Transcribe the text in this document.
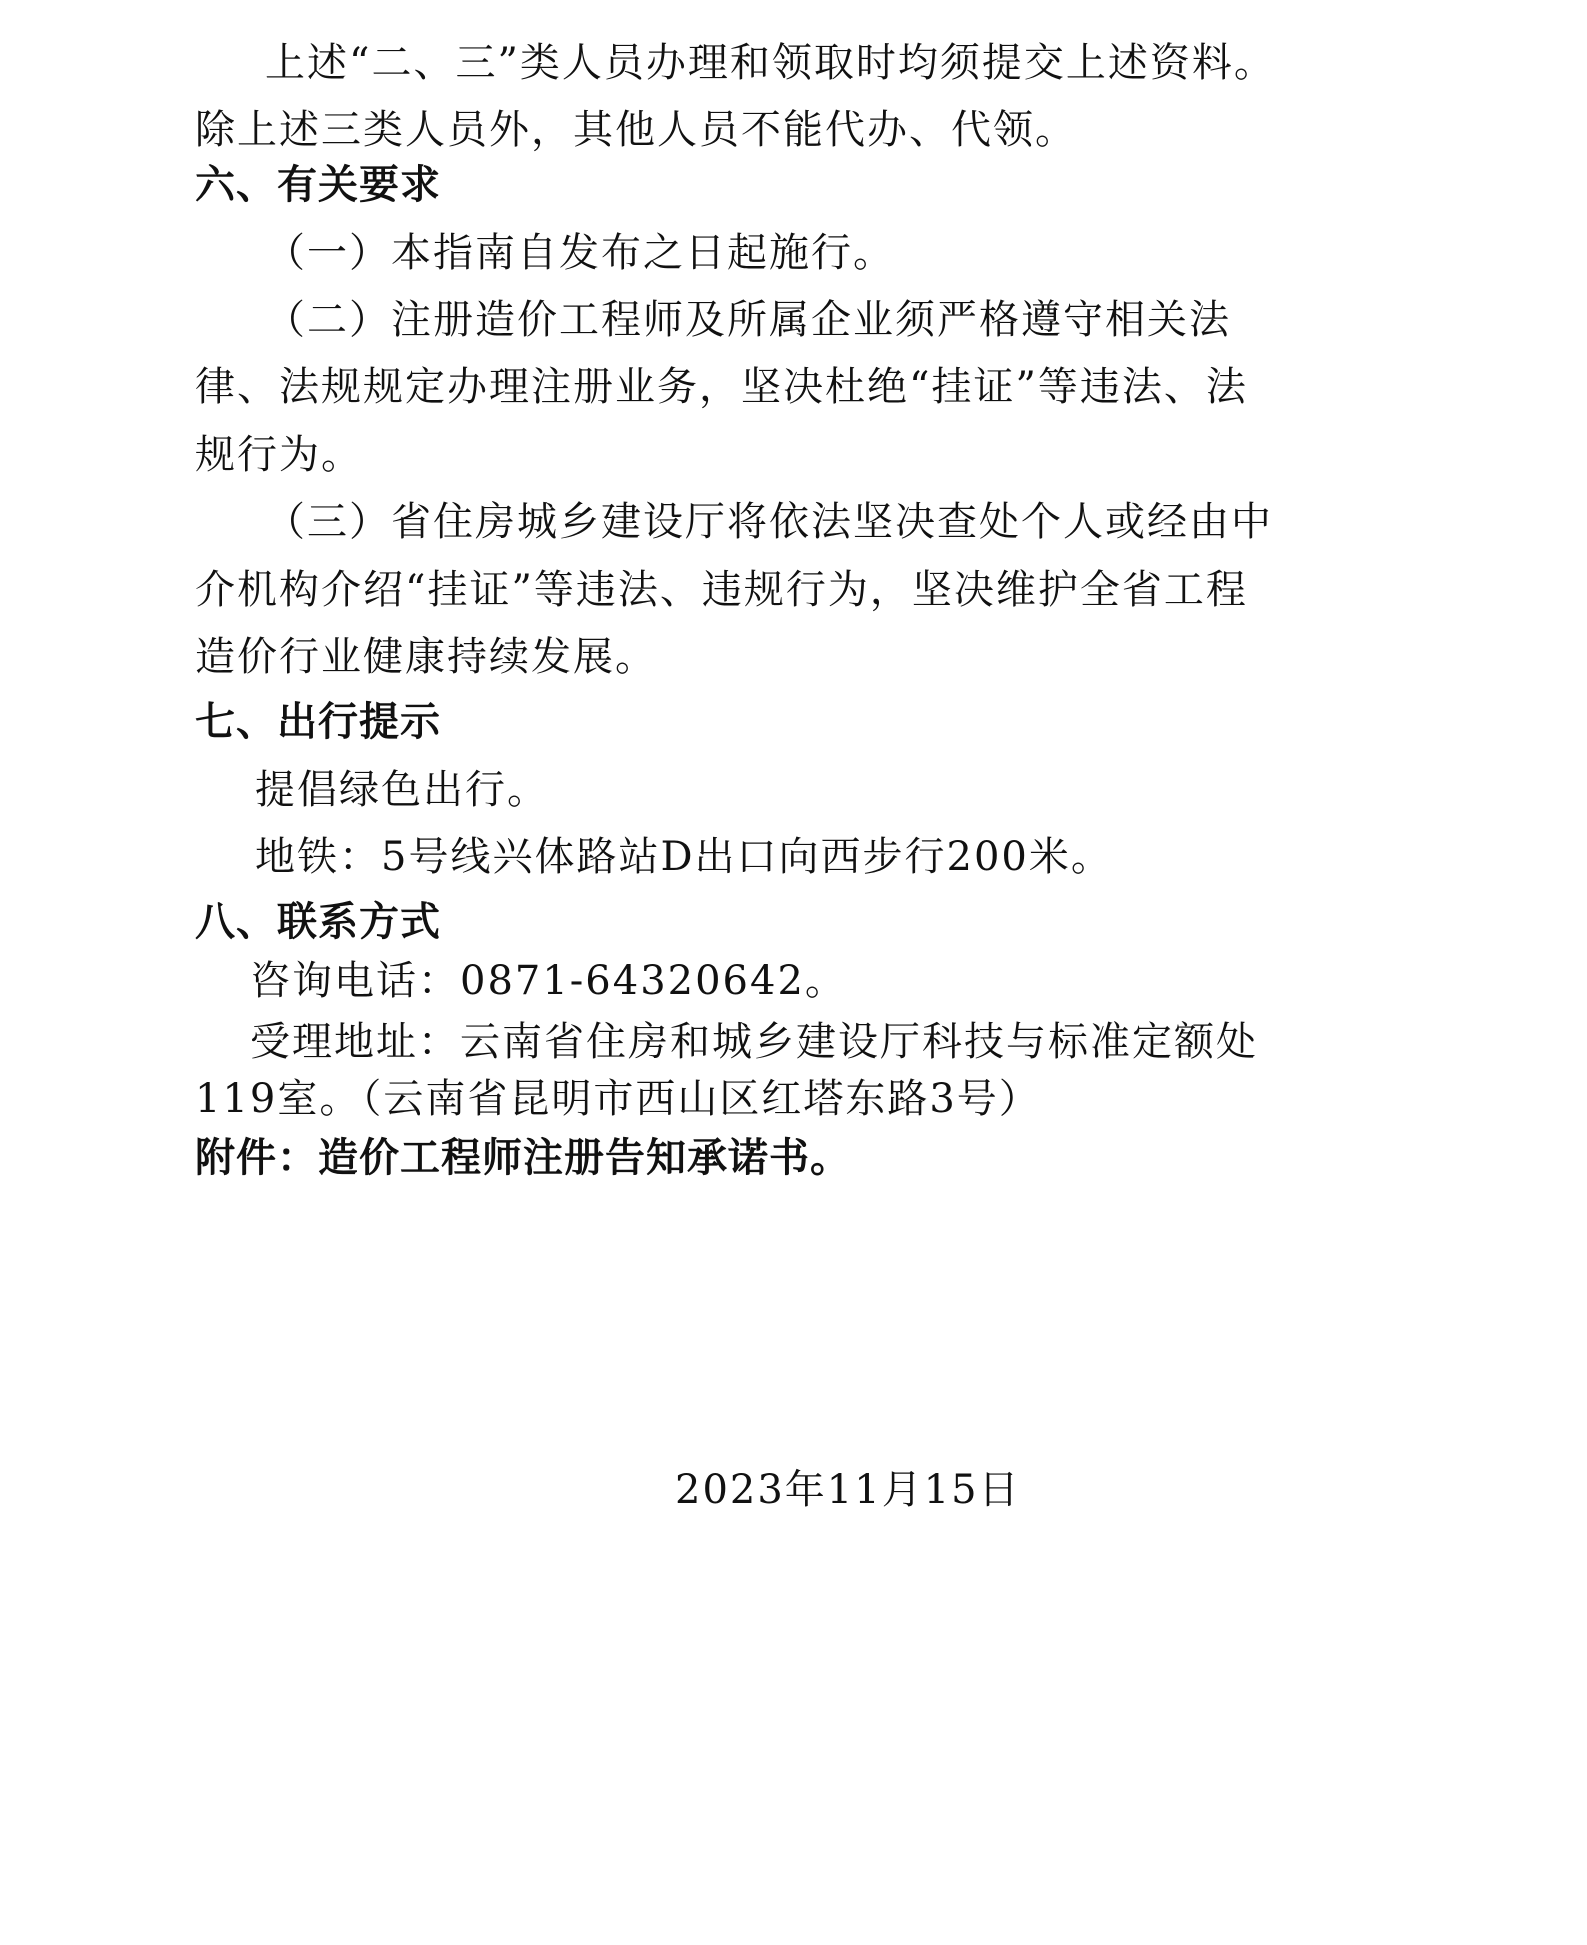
上述“二、三”类人员办理和领取时均须提交上述资料。
除上述三类人员外，其他人员不能代办、代领。
六、有关要求
（一）本指南自发布之日起施行。
（二）注册造价工程师及所属企业须严格遵守相关法
律、法规规定办理注册业务，坚决杜绝“挂证”等违法、法
规行为。
（三）省住房城乡建设厅将依法坚决查处个人或经由中
介机构介绍“挂证”等违法、违规行为，坚决维护全省工程
造价行业健康持续发展。
七、出行提示
提倡绿色出行。
地铁：5号线兴体路站D出口向西步行200米。
八、联系方式
咨询电话：0871-64320642。
受理地址：云南省住房和城乡建设厅科技与标准定额处
119室。（云南省昆明市西山区红塔东路3号）
附件：造价工程师注册告知承诺书。
2023年11月15日
